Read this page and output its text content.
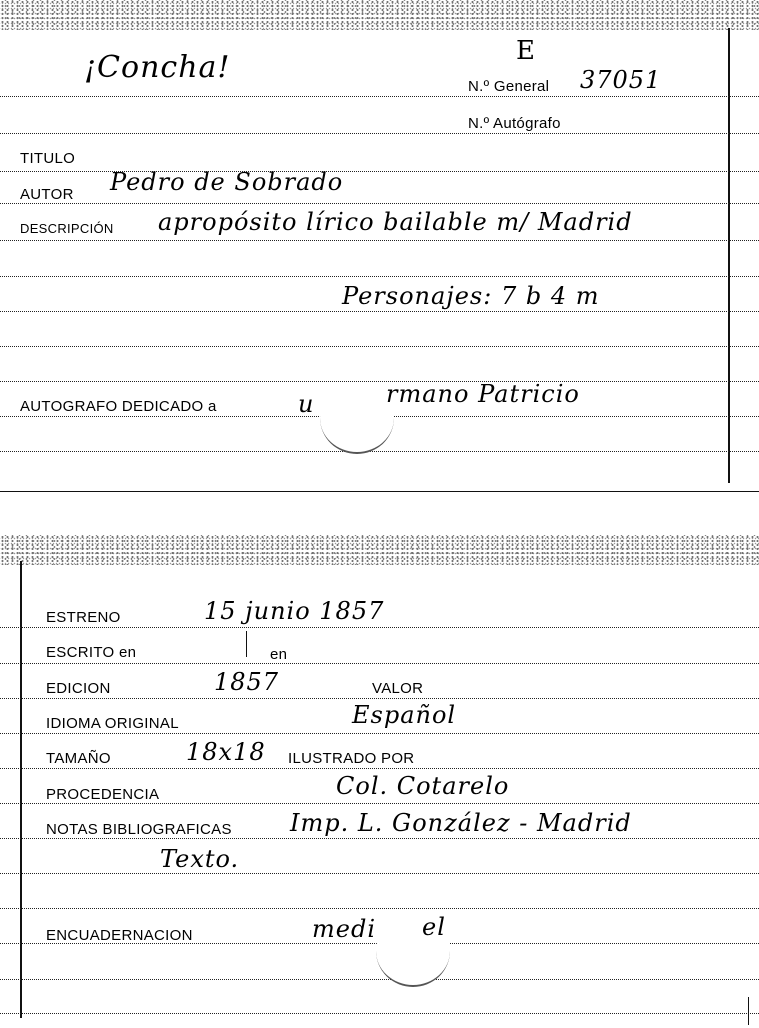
¡Concha!	E
N.º General 37051
N.º Autógrafo
TITULO
AUTOR Pedro de Sobrado
DESCRIPCIÓN apropósito lírico bailable m/ Madrid
Personajes: 7 b 4 m
AUTOGRAFO DEDICADO a	u	rmano Patricio
ESTRENO	15 junio 1857
ESCRITO en	en
EDICION	1857	VALOR
IDIOMA ORIGINAL	Español
TAMAÑO	18x18 ILUSTRADO POR
PROCEDENCIA	Col. Cotarelo
NOTAS BIBLIOGRAFICAS Imp. L. González - Madrid
Texto.
ENCUADERNACION	medi el
